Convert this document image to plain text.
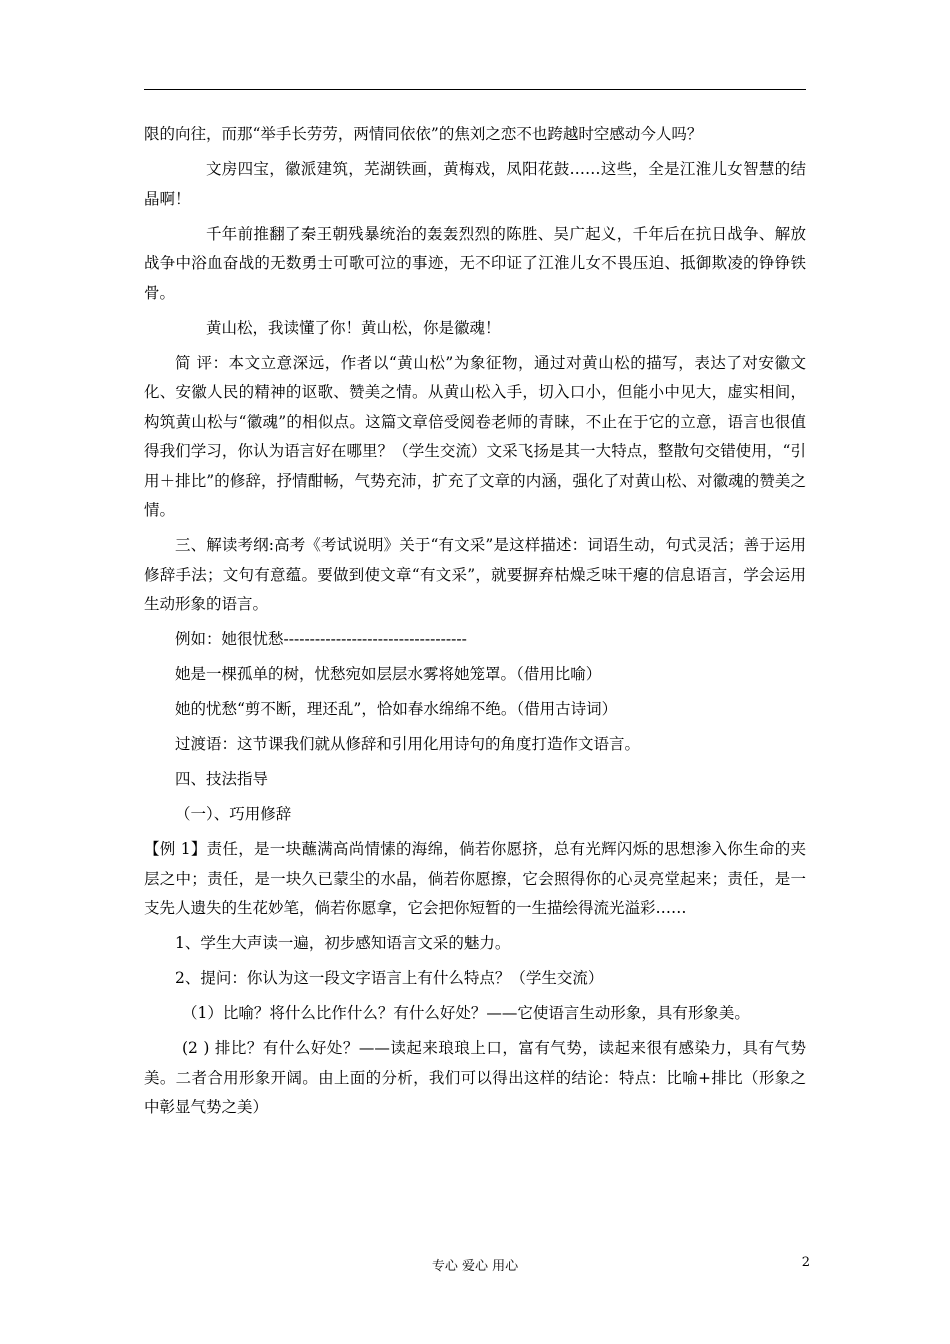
限的向往，而那“举手长劳劳，两情同依依”的焦刘之恋不也跨越时空感动今人吗？

文房四宝，徽派建筑，芜湖铁画，黄梅戏，凤阳花鼓……这些，全是江淮儿女智慧的结晶啊！

千年前推翻了秦王朝残暴统治的轰轰烈烈的陈胜、吴广起义，千年后在抗日战争、解放战争中浴血奋战的无数勇士可歌可泣的事迹，无不印证了江淮儿女不畏压迫、抵御欺凌的铮铮铁骨。

黄山松，我读懂了你！黄山松，你是徽魂！

简 评：本文立意深远，作者以“黄山松”为象征物，通过对黄山松的描写，表达了对安徽文化、安徽人民的精神的讴歌、赞美之情。从黄山松入手，切入口小，但能小中见大，虚实相间，构筑黄山松与“徽魂”的相似点。这篇文章倍受阅卷老师的青睐，不止在于它的立意，语言也很值得我们学习，你认为语言好在哪里？（学生交流）文采飞扬是其一大特点，整散句交错使用，“引用＋排比”的修辞，抒情酣畅，气势充沛，扩充了文章的内涵，强化了对黄山松、对徽魂的赞美之情。

三、解读考纲:高考《考试说明》关于“有文采”是这样描述：词语生动，句式灵活；善于运用修辞手法；文句有意蕴。要做到使文章“有文采”，就要摒弃枯燥乏味干瘪的信息语言，学会运用生动形象的语言。

例如：她很忧愁-----------------------------------

她是一棵孤单的树，忧愁宛如层层水雾将她笼罩。（借用比喻）

她的忧愁“剪不断，理还乱”，恰如春水绵绵不绝。（借用古诗词）

过渡语：这节课我们就从修辞和引用化用诗句的角度打造作文语言。

四、技法指导

（一）、巧用修辞

【例 1】责任，是一块蘸满高尚情愫的海绵，倘若你愿挤，总有光辉闪烁的思想渗入你生命的夹层之中；责任，是一块久已蒙尘的水晶，倘若你愿擦，它会照得你的心灵亮堂起来；责任，是一支先人遗失的生花妙笔，倘若你愿拿，它会把你短暂的一生描绘得流光溢彩……

1、学生大声读一遍，初步感知语言文采的魅力。

2、提问：你认为这一段文字语言上有什么特点？（学生交流）

（1）比喻？将什么比作什么？有什么好处？——它使语言生动形象，具有形象美。

(2 ) 排比？有什么好处？——读起来琅琅上口，富有气势，读起来很有感染力，具有气势美。二者合用形象开阔。由上面的分析，我们可以得出这样的结论：特点：比喻+排比（形象之中彰显气势之美）

专心 爱心 用心	2
